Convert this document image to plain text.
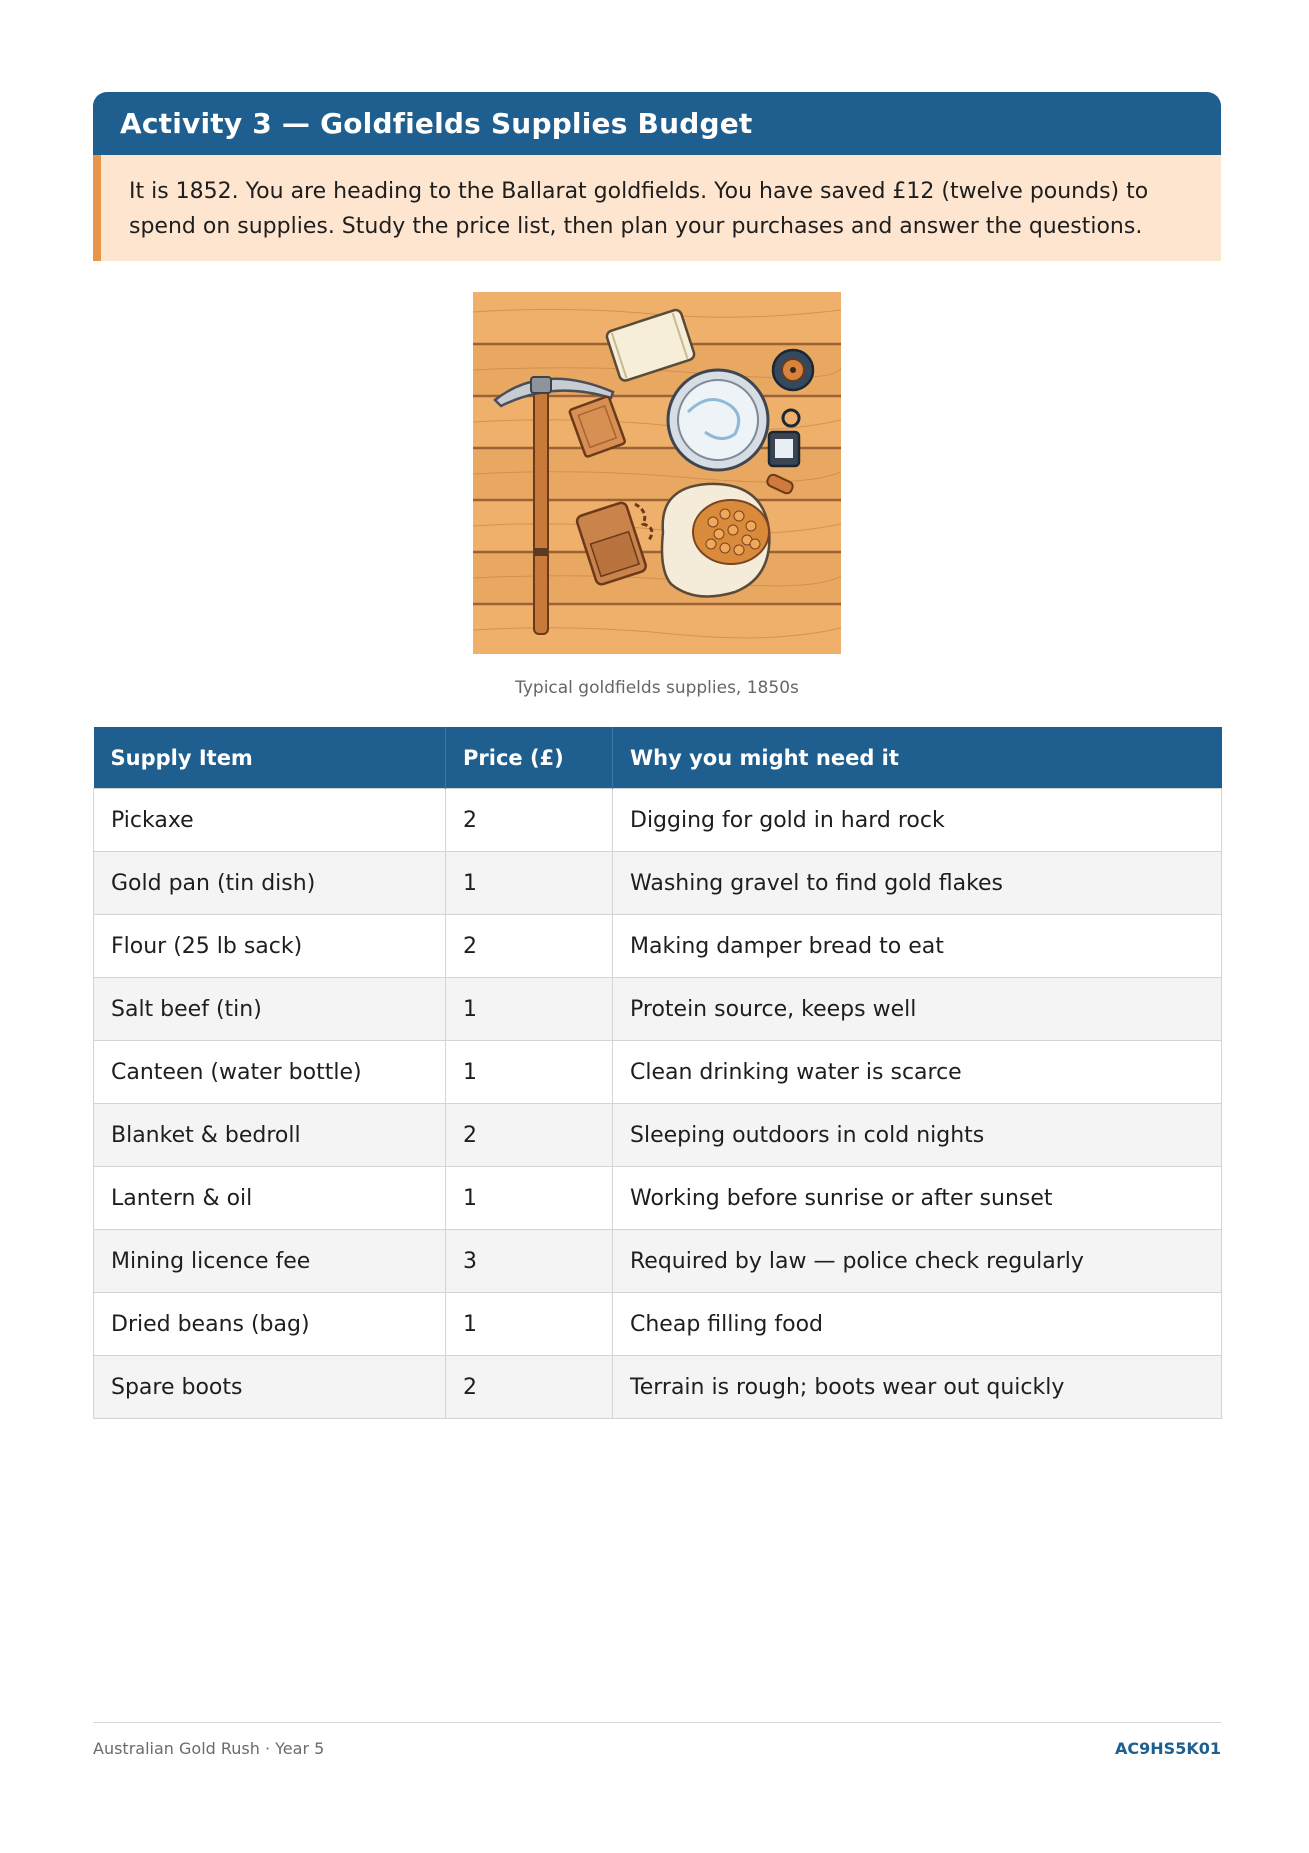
Activity 3 — Goldfields Supplies Budget
It is 1852. You are heading to the Ballarat goldfields. You have saved £12 (twelve pounds) to spend on supplies. Study the price list, then plan your purchases and answer the questions.
Typical goldfields supplies, 1850s
Supply Item	Price (£)	Why you might need it
Pickaxe	2	Digging for gold in hard rock
Gold pan (tin dish)	1	Washing gravel to find gold flakes
Flour (25 lb sack)	2	Making damper bread to eat
Salt beef (tin)	1	Protein source, keeps well
Canteen (water bottle)	1	Clean drinking water is scarce
Blanket & bedroll	2	Sleeping outdoors in cold nights
Lantern & oil	1	Working before sunrise or after sunset
Mining licence fee	3	Required by law — police check regularly
Dried beans (bag)	1	Cheap filling food
Spare boots	2	Terrain is rough; boots wear out quickly
Australian Gold Rush · Year 5	AC9HS5K01
